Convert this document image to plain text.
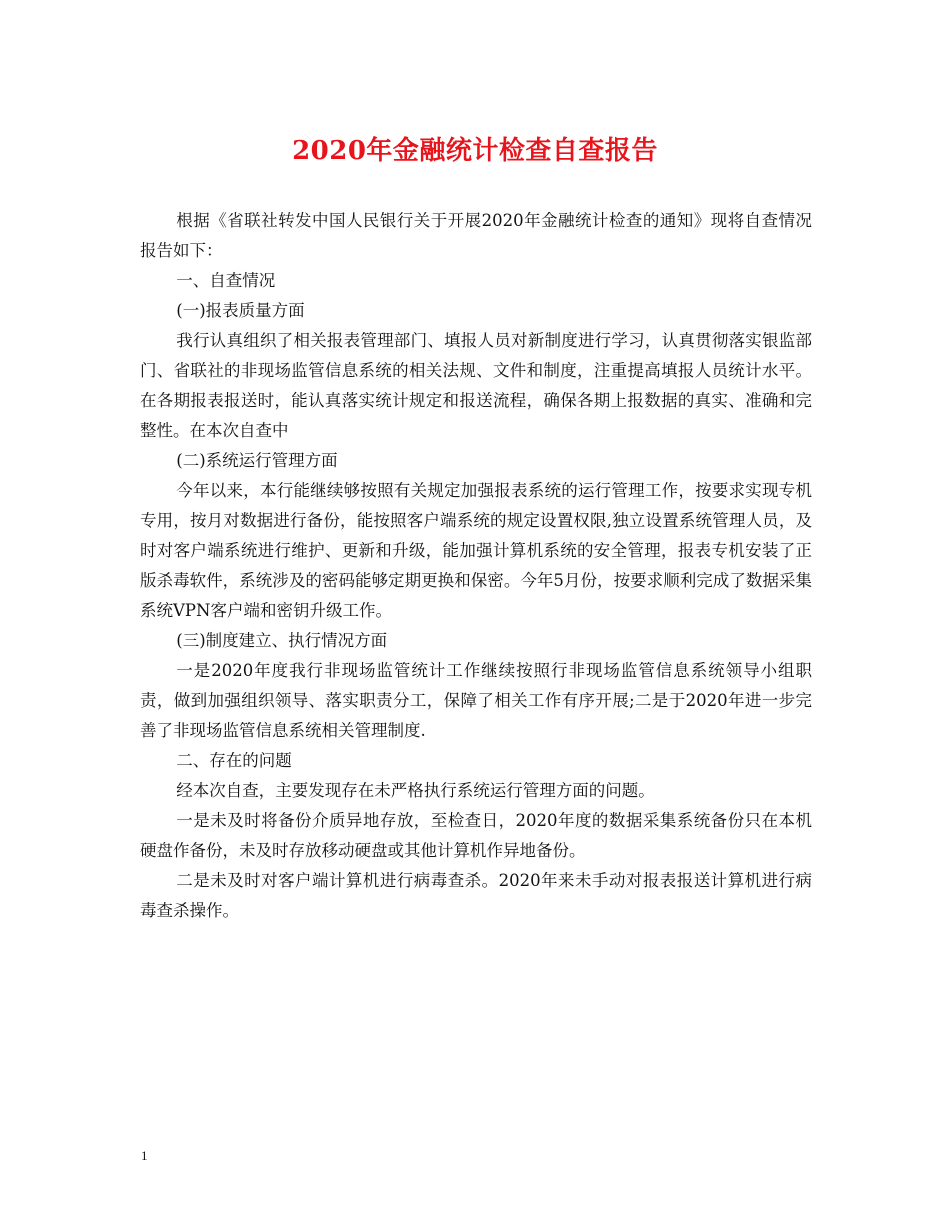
2020年金融统计检查自查报告

根据《省联社转发中国人民银行关于开展2020年金融统计检查的通知》现将自查情况报告如下：

一、自查情况

(一)报表质量方面

我行认真组织了相关报表管理部门、填报人员对新制度进行学习，认真贯彻落实银监部门、省联社的非现场监管信息系统的相关法规、文件和制度，注重提高填报人员统计水平。在各期报表报送时，能认真落实统计规定和报送流程，确保各期上报数据的真实、准确和完整性。在本次自查中

(二)系统运行管理方面

今年以来，本行能继续够按照有关规定加强报表系统的运行管理工作，按要求实现专机专用，按月对数据进行备份，能按照客户端系统的规定设置权限,独立设置系统管理人员，及时对客户端系统进行维护、更新和升级，能加强计算机系统的安全管理，报表专机安装了正版杀毒软件，系统涉及的密码能够定期更换和保密。今年5月份，按要求顺利完成了数据采集系统VPN客户端和密钥升级工作。

(三)制度建立、执行情况方面

一是2020年度我行非现场监管统计工作继续按照行非现场监管信息系统领导小组职责，做到加强组织领导、落实职责分工，保障了相关工作有序开展;二是于2020年进一步完善了非现场监管信息系统相关管理制度.

二、存在的问题

经本次自查，主要发现存在未严格执行系统运行管理方面的问题。

一是未及时将备份介质异地存放，至检查日，2020年度的数据采集系统备份只在本机硬盘作备份，未及时存放移动硬盘或其他计算机作异地备份。

二是未及时对客户端计算机进行病毒查杀。2020年来未手动对报表报送计算机进行病毒查杀操作。

1
